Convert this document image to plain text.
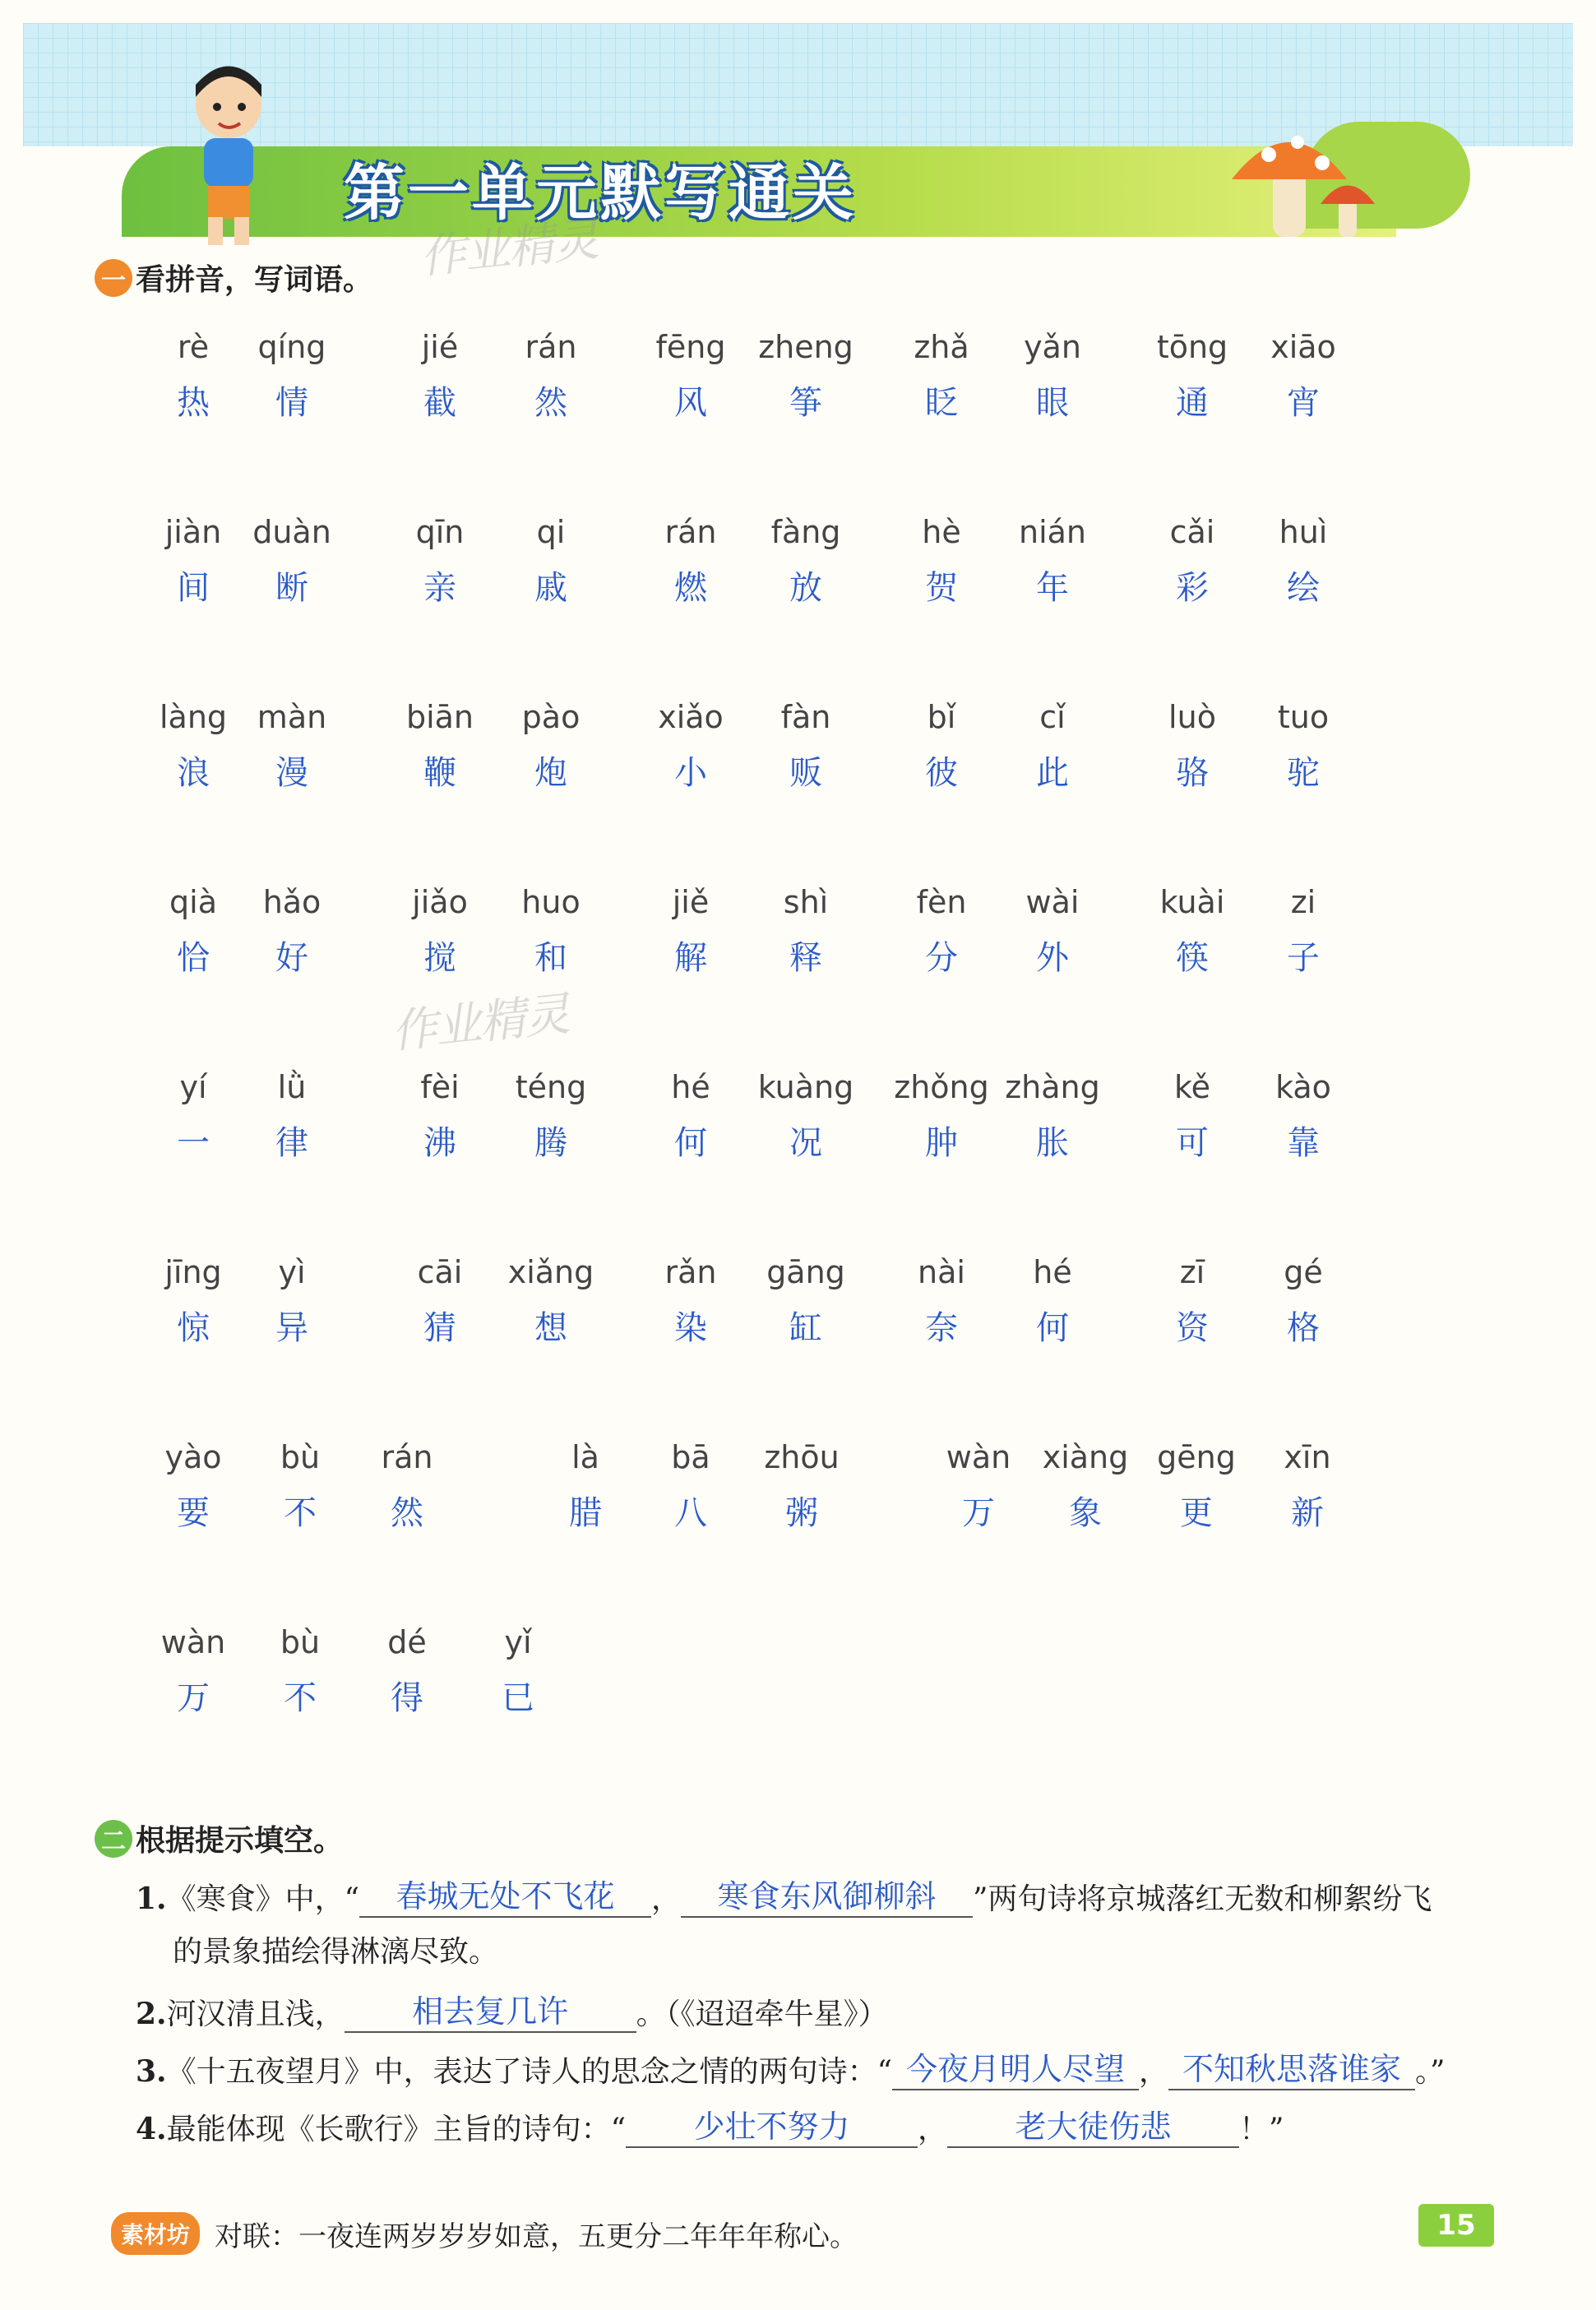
第一单元默写通关
作业精灵
作业精灵
一 看拼音，写词语。
rè
热
qíng
情
jié
截
rán
然
fēng
风
zheng
筝
zhǎ
眨
yǎn
眼
tōng
通
xiāo
宵
jiàn
间
duàn
断
qīn
亲
qi
戚
rán
燃
fàng
放
hè
贺
nián
年
cǎi
彩
huì
绘
làng
浪
màn
漫
biān
鞭
pào
炮
xiǎo
小
fàn
贩
bǐ
彼
cǐ
此
luò
骆
tuo
驼
qià
恰
hǎo
好
jiǎo
搅
huo
和
jiě
解
shì
释
fèn
分
wài
外
kuài
筷
zi
子
yí
一
lǜ
律
fèi
沸
téng
腾
hé
何
kuàng
况
zhǒng
肿
zhàng
胀
kě
可
kào
靠
jīng
惊
yì
异
cāi
猜
xiǎng
想
rǎn
染
gāng
缸
nài
奈
hé
何
zī
资
gé
格
yào
要
bù
不
rán
然
là
腊
bā
八
zhōu
粥
wàn
万
xiàng
象
gēng
更
xīn
新
wàn
万
bù
不
dé
得
yǐ
已
二 根据提示填空。
1.《寒食》中，“ 春城无处不飞花 ， 寒食东风御柳斜 ”两句诗将京城落红无数和柳絮纷飞
的景象描绘得淋漓尽致。
2.河汉清且浅， 相去复几许 。（《迢迢牵牛星》）
3.《十五夜望月》中，表达了诗人的思念之情的两句诗：“ 今夜月明人尽望 ， 不知秋思落谁家 。”
4.最能体现《长歌行》主旨的诗句：“ 少壮不努力 ， 老大徒伤悲 ！”
素材坊 对联：一夜连两岁岁岁如意，五更分二年年年称心。	15
